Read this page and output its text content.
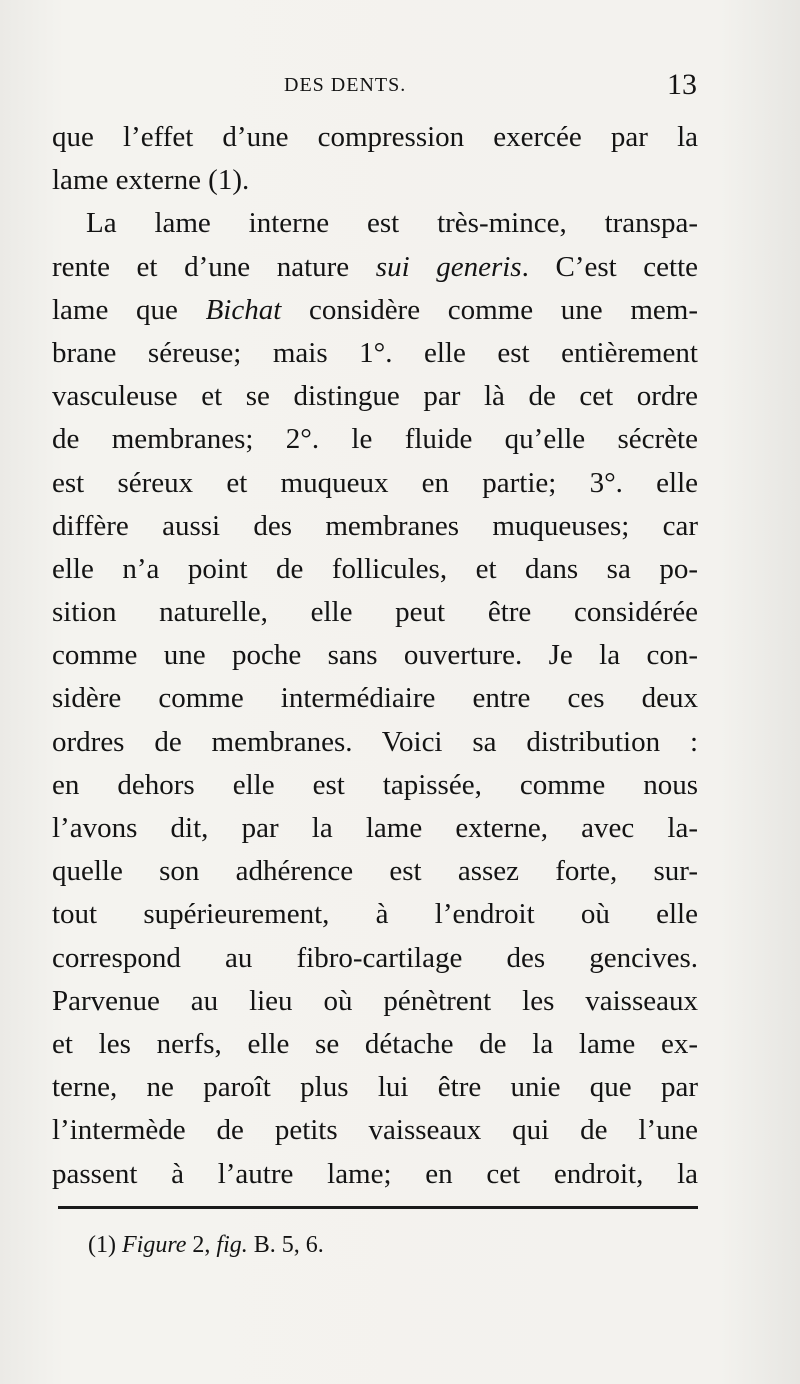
DES DENTS.	13
que l’effet d’une compression exercée par la
lame externe (1).
La lame interne est très-mince, transpa-
rente et d’une nature sui generis. C’est cette
lame que Bichat considère comme une mem-
brane séreuse; mais 1°. elle est entièrement
vasculeuse et se distingue par là de cet ordre
de membranes; 2°. le fluide qu’elle sécrète
est séreux et muqueux en partie; 3°. elle
diffère aussi des membranes muqueuses; car
elle n’a point de follicules, et dans sa po-
sition naturelle, elle peut être considérée
comme une poche sans ouverture. Je la con-
sidère comme intermédiaire entre ces deux
ordres de membranes. Voici sa distribution :
en dehors elle est tapissée, comme nous
l’avons dit, par la lame externe, avec la-
quelle son adhérence est assez forte, sur-
tout supérieurement, à l’endroit où elle
correspond au fibro-cartilage des gencives.
Parvenue au lieu où pénètrent les vaisseaux
et les nerfs, elle se détache de la lame ex-
terne, ne paroît plus lui être unie que par
l’intermède de petits vaisseaux qui de l’une
passent à l’autre lame; en cet endroit, la
(1) Figure 2, fig. B. 5, 6.
